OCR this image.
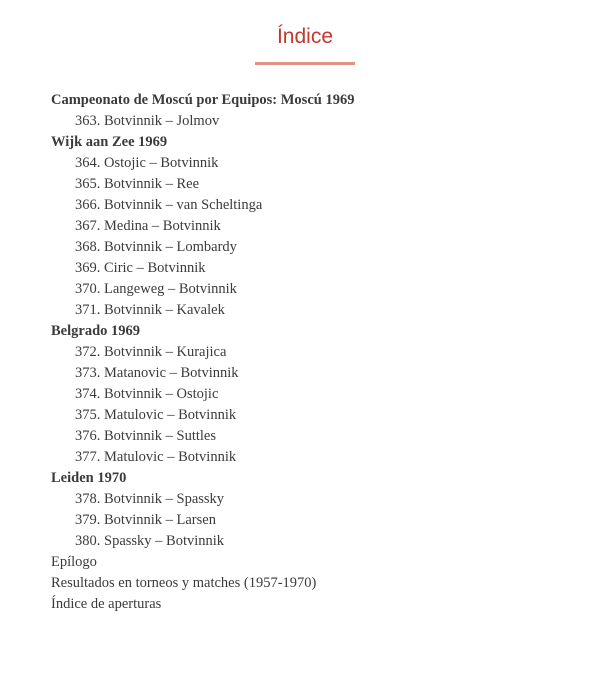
Índice
Campeonato de Moscú por Equipos: Moscú 1969
363. Botvinnik – Jolmov
Wijk aan Zee 1969
364. Ostojic – Botvinnik
365. Botvinnik – Ree
366. Botvinnik – van Scheltinga
367. Medina – Botvinnik
368. Botvinnik – Lombardy
369. Ciric – Botvinnik
370. Langeweg – Botvinnik
371. Botvinnik – Kavalek
Belgrado 1969
372. Botvinnik – Kurajica
373. Matanovic – Botvinnik
374. Botvinnik – Ostojic
375. Matulovic – Botvinnik
376. Botvinnik – Suttles
377. Matulovic – Botvinnik
Leiden 1970
378. Botvinnik – Spassky
379. Botvinnik – Larsen
380. Spassky – Botvinnik
Epílogo
Resultados en torneos y matches (1957-1970)
Índice de aperturas
